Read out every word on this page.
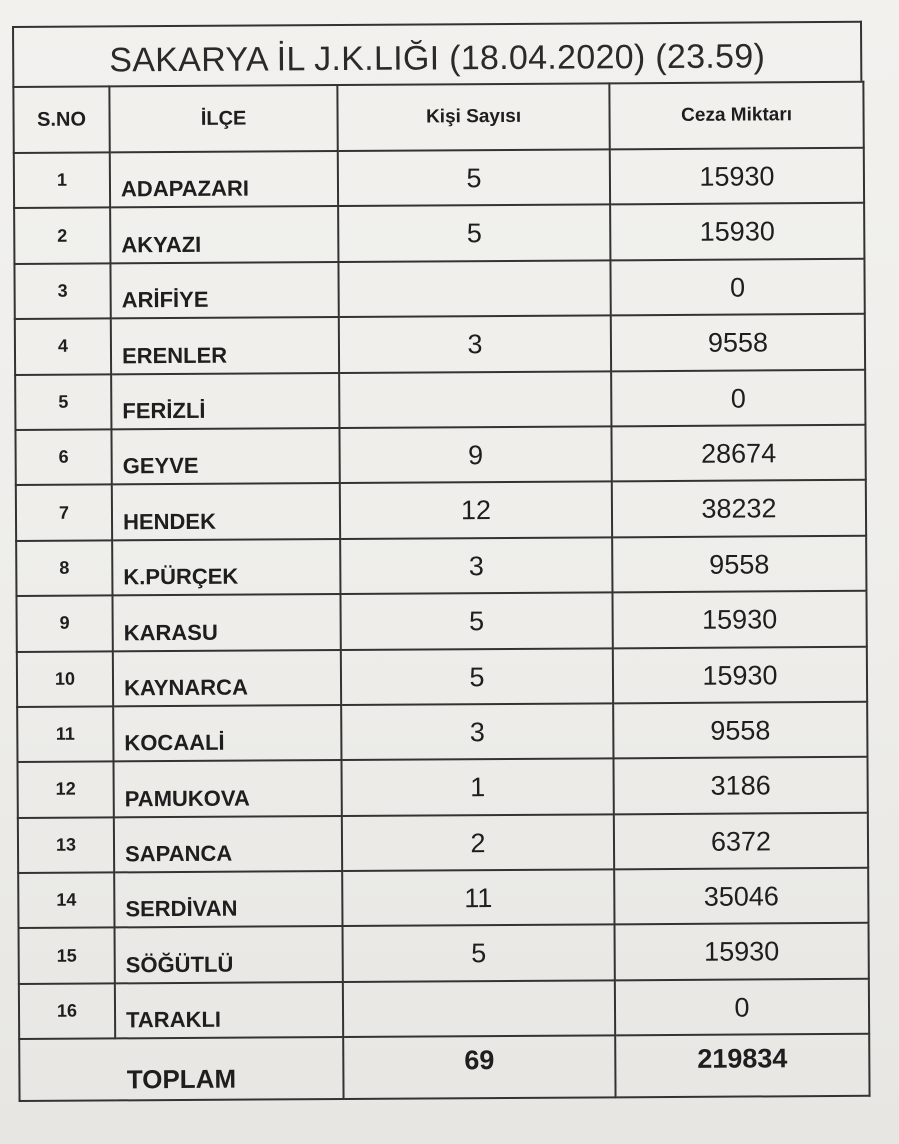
SAKARYA İL J.K.LIĞI (18.04.2020) (23.59)
S.NO	İLÇE	Kişi Sayısı	Ceza Miktarı
1	ADAPAZARI	5	15930
2	AKYAZI	5	15930
3	ARİFİYE		0
4	ERENLER	3	9558
5	FERİZLİ		0
6	GEYVE	9	28674
7	HENDEK	12	38232
8	K.PÜRÇEK	3	9558
9	KARASU	5	15930
10	KAYNARCA	5	15930
11	KOCAALİ	3	9558
12	PAMUKOVA	1	3186
13	SAPANCA	2	6372
14	SERDİVAN	11	35046
15	SÖĞÜTLÜ	5	15930
16	TARAKLI		0
TOPLAM		69	219834
